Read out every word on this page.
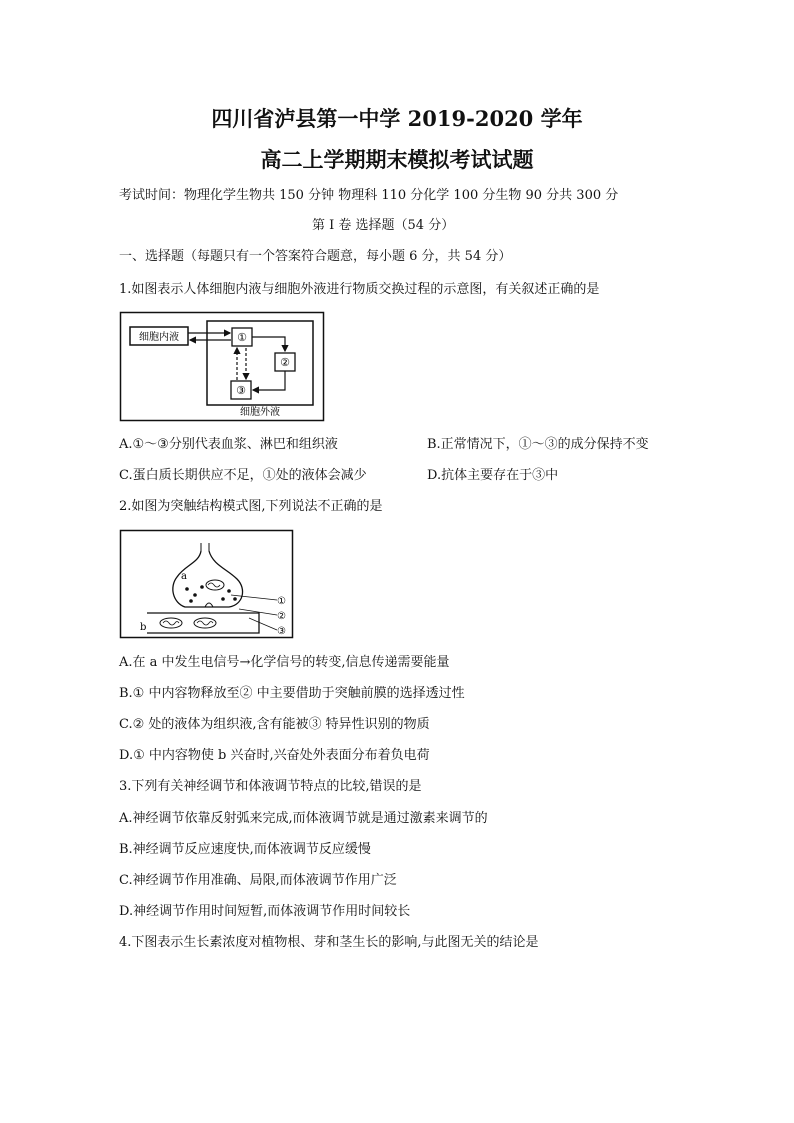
四川省泸县第一中学 2019-2020 学年
高二上学期期末模拟考试试题
考试时间：物理化学生物共 150 分钟 物理科 110 分化学 100 分生物 90 分共 300 分
第 I 卷 选择题（54 分）
一、选择题（每题只有一个答案符合题意，每小题 6 分，共 54 分）
1.如图表示人体细胞内液与细胞外液进行物质交换过程的示意图，有关叙述正确的是
细胞内液
细胞外液
①
②
③
A.①～③分别代表血浆、淋巴和组织液	B.正常情况下，①～③的成分保持不变
C.蛋白质长期供应不足，①处的液体会减少	D.抗体主要存在于③中
2.如图为突触结构模式图,下列说法不正确的是
a
b
①
②
③
A.在 a 中发生电信号→化学信号的转变,信息传递需要能量
B.① 中内容物释放至② 中主要借助于突触前膜的选择透过性
C.② 处的液体为组织液,含有能被③ 特异性识别的物质
D.① 中内容物使 b 兴奋时,兴奋处外表面分布着负电荷
3.下列有关神经调节和体液调节特点的比较,错误的是
A.神经调节依靠反射弧来完成,而体液调节就是通过激素来调节的
B.神经调节反应速度快,而体液调节反应缓慢
C.神经调节作用准确、局限,而体液调节作用广泛
D.神经调节作用时间短暂,而体液调节作用时间较长
4.下图表示生长素浓度对植物根、芽和茎生长的影响,与此图无关的结论是
